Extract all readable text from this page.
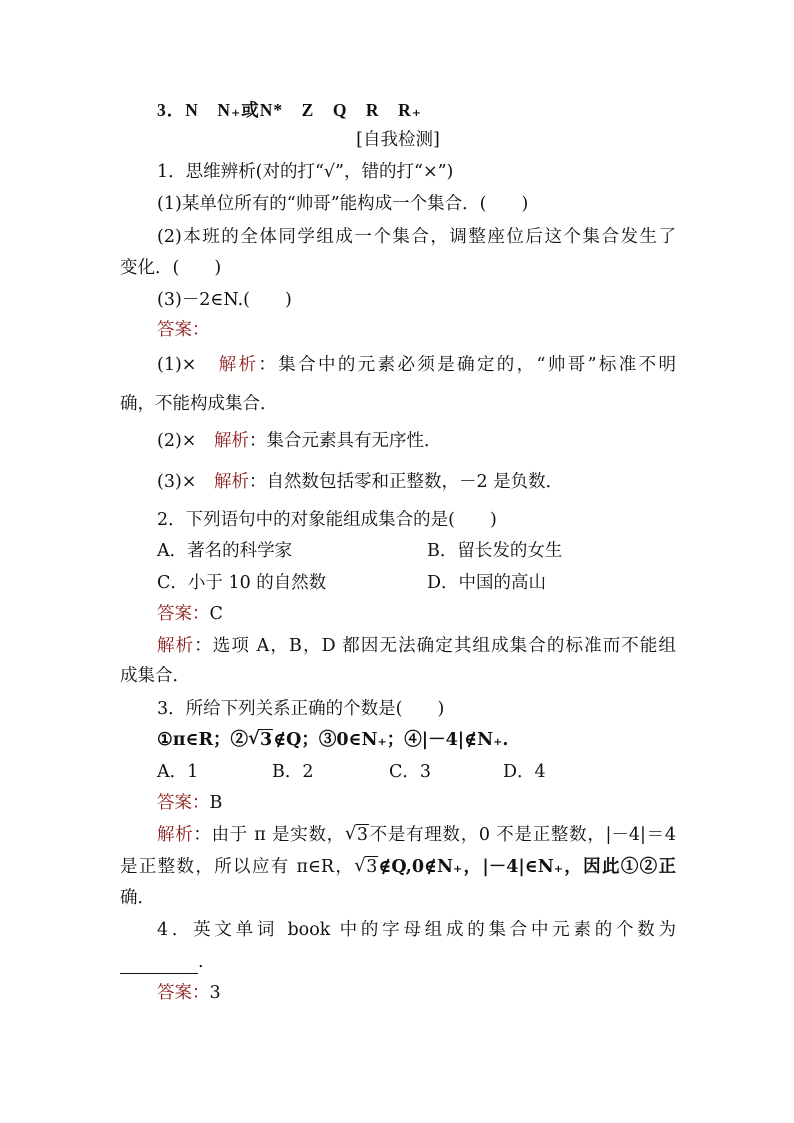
3．N　N₊或N*　Z　Q　R　R₊
[自我检测]
1．思维辨析(对的打“√”，错的打“×”)
(1)某单位所有的“帅哥”能构成一个集合．(　　)
(2)本班的全体同学组成一个集合，调整座位后这个集合发生了
变化．(　　)
(3)－2∈N.(　　)
答案：
(1)×　 解析：集合中的元素必须是确定的，“帅哥”标准不明
确，不能构成集合．
(2)×　 解析：集合元素具有无序性．
(3)×　 解析：自然数包括零和正整数，－2 是负数．
2．下列语句中的对象能组成集合的是(　　)
A．著名的科学家	B．留长发的女生
C．小于 10 的自然数	D．中国的高山
答案：C
解析：选项 A，B，D 都因无法确定其组成集合的标准而不能组
成集合．
3．所给下列关系正确的个数是(　　)
①π∈R；② √ 3∉Q；③0∈N₊；④|－4|∉N₊.
A．1	B．2	C．3	D．4
答案：B
解析：由于 π 是实数， √ 3不是有理数，0 不是正整数，|－4|＝4
是正整数，所以应有 π∈R， √ 3∉Q,0∉N₊，|－4|∈N₊，因此①②正
确．
4．英文单词 book 中的字母组成的集合中元素的个数为
.
答案：3
